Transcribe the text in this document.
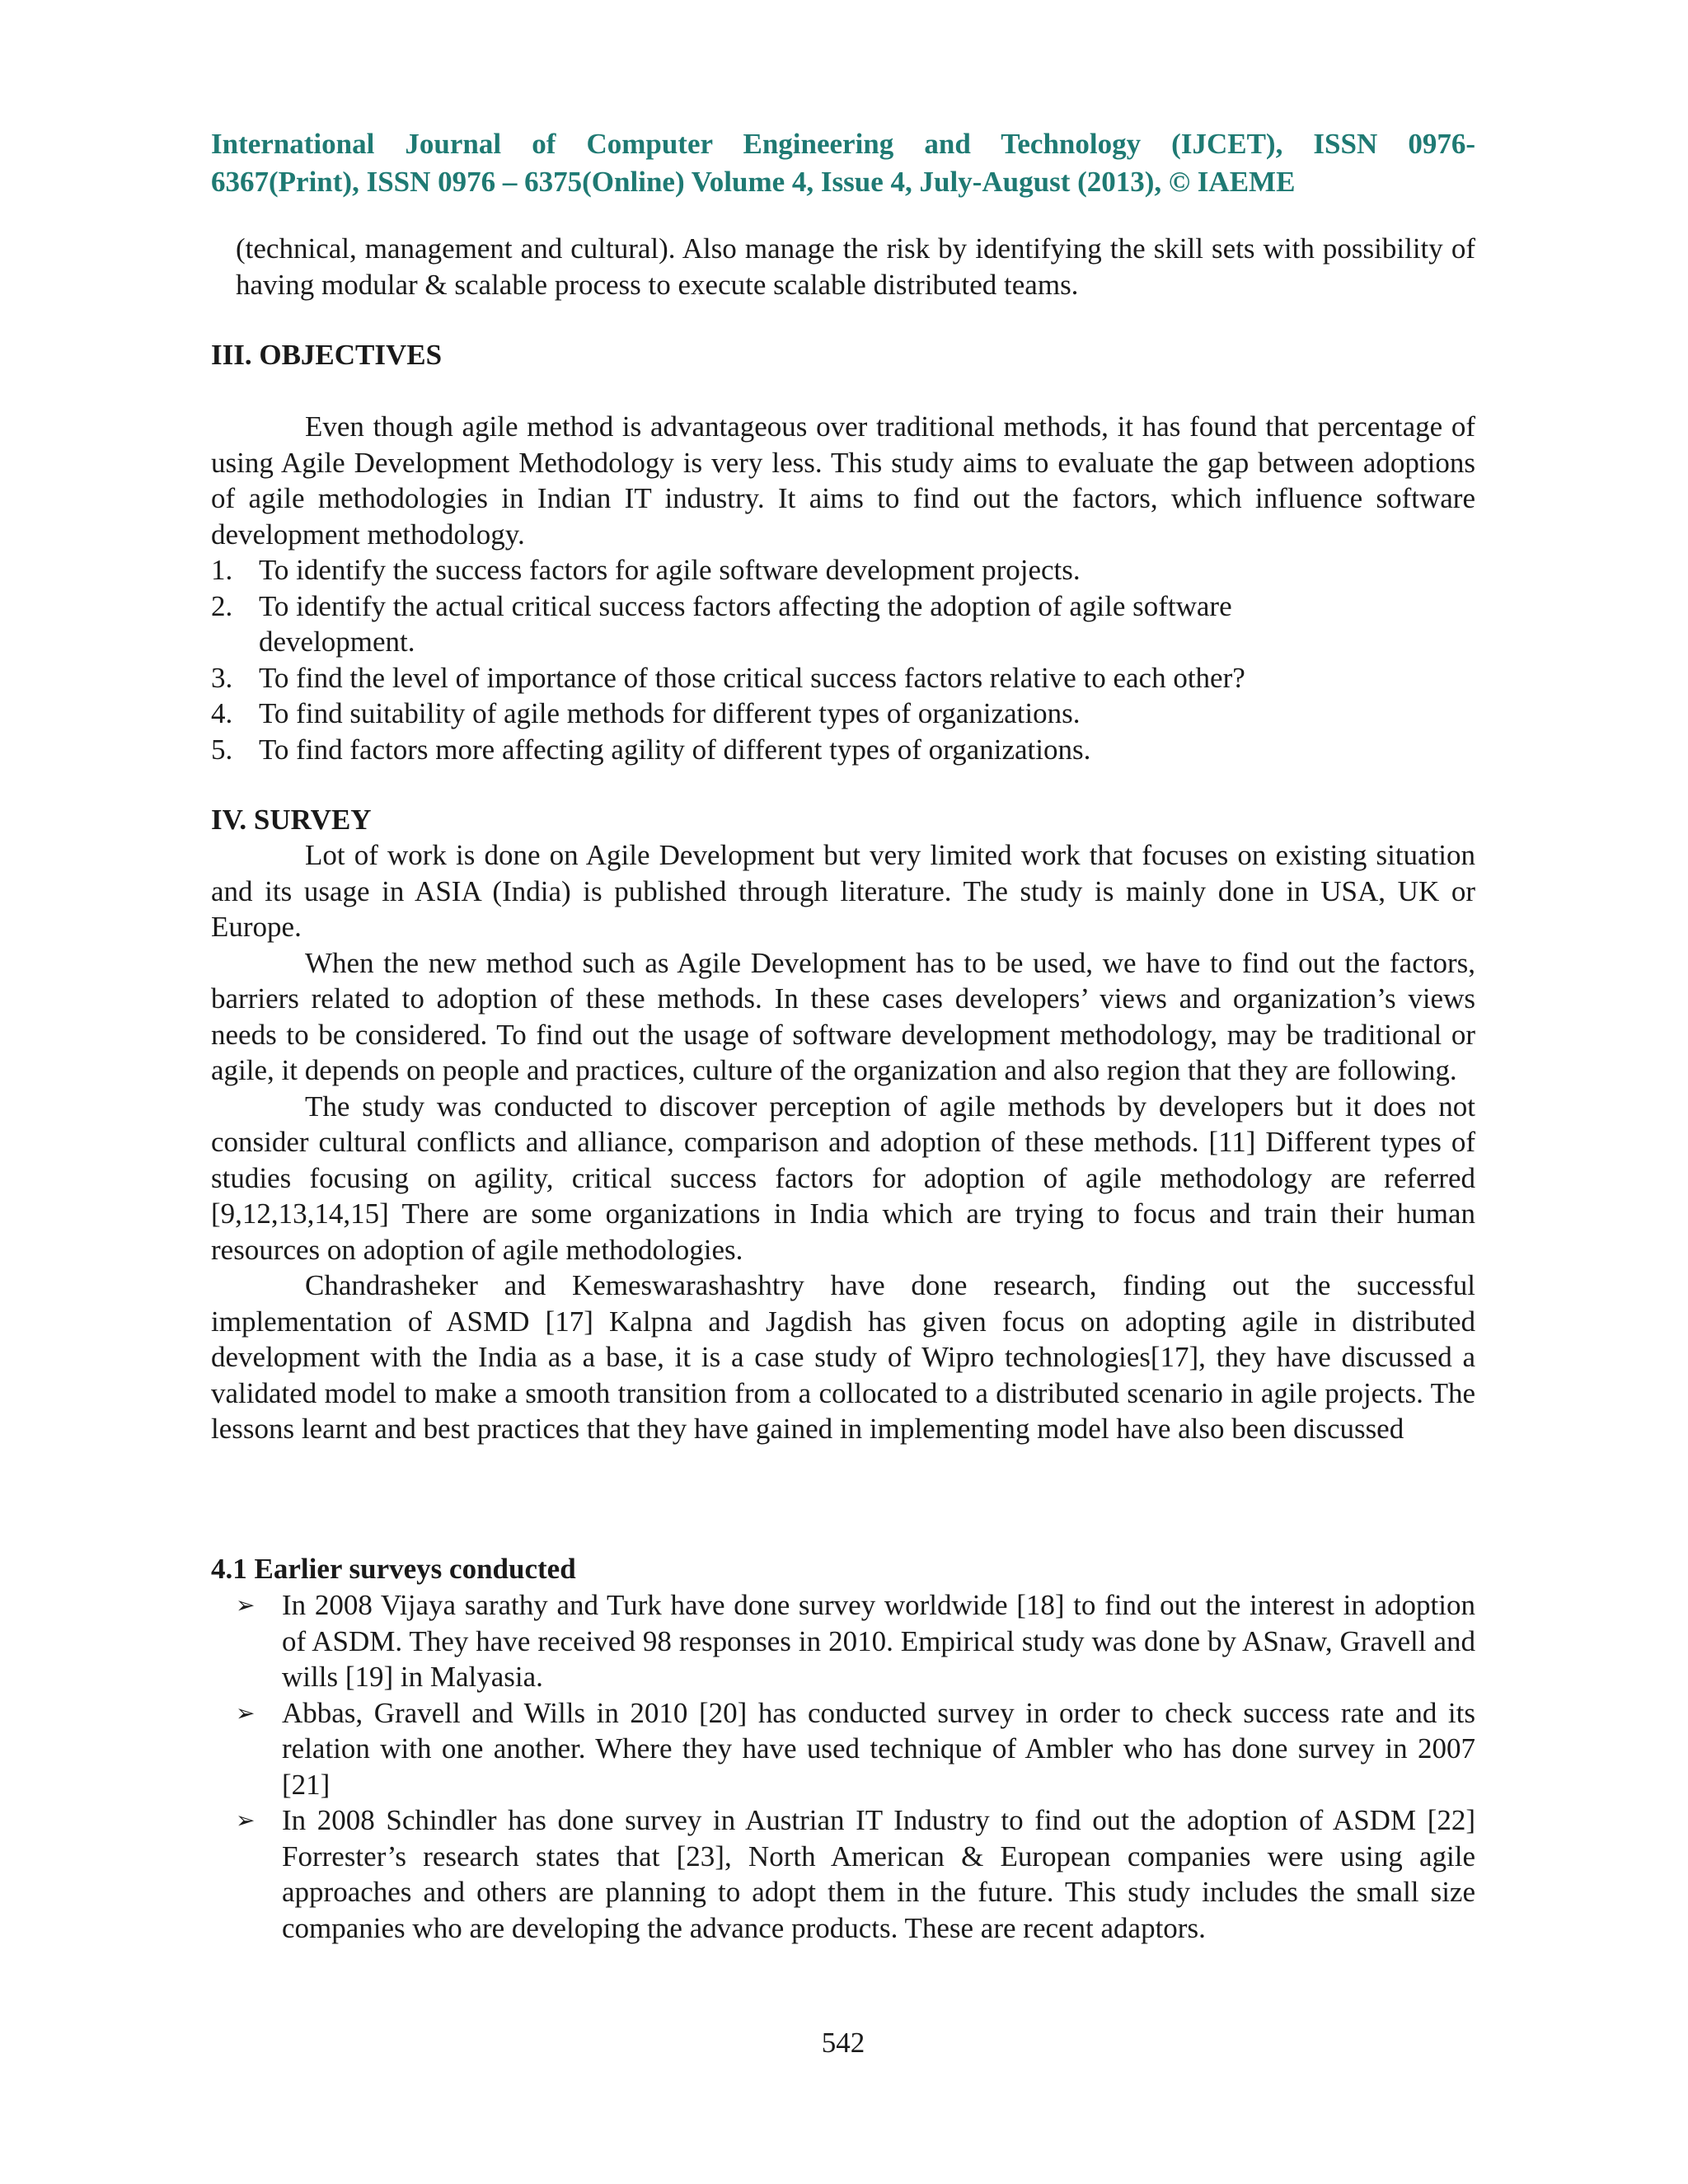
International Journal of Computer Engineering and Technology (IJCET), ISSN 0976-
6367(Print), ISSN 0976 – 6375(Online) Volume 4, Issue 4, July-August (2013), © IAEME

(technical, management and cultural). Also manage the risk by identifying the skill sets with possibility of having modular & scalable process to execute scalable distributed teams.

III. OBJECTIVES

Even though agile method is advantageous over traditional methods, it has found that percentage of using Agile Development Methodology is very less. This study aims to evaluate the gap between adoptions of agile methodologies in Indian IT industry. It aims to find out the factors, which influence software development methodology.

1. To identify the success factors for agile software development projects.
2. To identify the actual critical success factors affecting the adoption of agile software development.
3. To find the level of importance of those critical success factors relative to each other?
4. To find suitability of agile methods for different types of organizations.
5. To find factors more affecting agility of different types of organizations.
IV. SURVEY

Lot of work is done on Agile Development but very limited work that focuses on existing situation and its usage in ASIA (India) is published through literature. The study is mainly done in USA, UK or Europe.

When the new method such as Agile Development has to be used, we have to find out the factors, barriers related to adoption of these methods. In these cases developers’ views and organization’s views needs to be considered. To find out the usage of software development methodology, may be traditional or agile, it depends on people and practices, culture of the organization and also region that they are following.

The study was conducted to discover perception of agile methods by developers but it does not consider cultural conflicts and alliance, comparison and adoption of these methods. [11] Different types of studies focusing on agility, critical success factors for adoption of agile methodology are referred [9,12,13,14,15] There are some organizations in India which are trying to focus and train their human resources on adoption of agile methodologies.

Chandrasheker and Kemeswarashashtry have done research, finding out the successful implementation of ASMD [17] Kalpna and Jagdish has given focus on adopting agile in distributed development with the India as a base, it is a case study of Wipro technologies[17], they have discussed a validated model to make a smooth transition from a collocated to a distributed scenario in agile projects. The lessons learnt and best practices that they have gained in implementing model have also been discussed

4.1 Earlier surveys conducted
➢ In 2008 Vijaya sarathy and Turk have done survey worldwide [18] to find out the interest in adoption of ASDM. They have received 98 responses in 2010. Empirical study was done by ASnaw, Gravell and wills [19] in Malyasia.
➢ Abbas, Gravell and Wills in 2010 [20] has conducted survey in order to check success rate and its relation with one another. Where they have used technique of Ambler who has done survey in 2007 [21]
➢ In 2008 Schindler has done survey in Austrian IT Industry to find out the adoption of ASDM [22] Forrester’s research states that [23], North American & European companies were using agile approaches and others are planning to adopt them in the future. This study includes the small size companies who are developing the advance products. These are recent adaptors.
542
